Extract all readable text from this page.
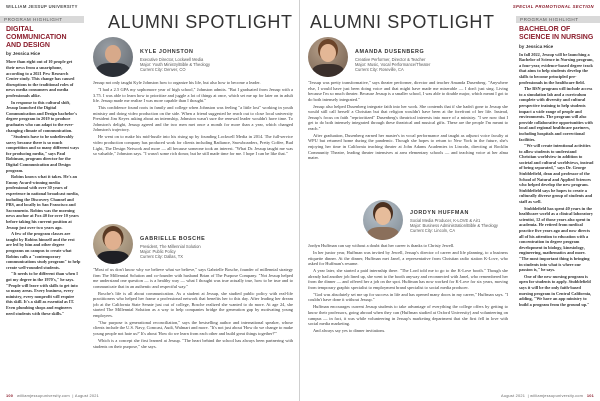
WILLIAM JESSUP UNIVERSITY
PROGRAM HIGHLIGHT
DIGITAL COMMUNICATION AND DESIGN
by Jessica Hice

More than eight out of 10 people get their news from a smartphone, according to a 2021 Pew Research Center study. This change has caused disruptions to the traditional roles of news media consumers and media professionals alike.

In response to this cultural shift, Jessup launched the Digital Communication and Design bachelor's degree program in 2019 to produce graduates who can adapt to the ever-changing climate of communication.

"Students have to be unbelievably savvy because there is so much competition and so many different ways for producing media," says Paul Robinson, program director for the Digital Communication and Design program.

Robins knows what it takes. He's an Emmy Award-winning media professional with over 30 years of experience in national broadcast media, including the Discovery Channel and PBS, and locally in San Francisco and Sacramento. Robins was the morning news anchor at Fox 40 for over 10 years before taking his current position at Jessup just over two years ago.

A few of the program classes are taught by Robins himself and the rest are led by him and other degree programs on campus to create what Robins calls a "contemporary communications study program" to help create well-rounded students.

"It needs to be different than when I got my degree in the 1970's," he says. "People will leave with skills to get into so many areas. Every business, every ministry, every nonprofit will require this skill. It's a skill as essential as IT. Even plumbing shops and engineers need students with these skills."

ALUMNI SPOTLIGHT
KYLE JOHNSTON
Executive Director, Lockwell Media
Major: Youth Ministry/Bible & Theology
Current City: Denver, CO

Jessup not only taught Kyle Johnston how to organize his life, but also how to become a leader.

"I had a 2.5 GPA my sophomore year of high school," Johnston admits. "But I graduated from Jessup with a 3.75. I was able to learn how to prioritize and juggle a lot of things at once, which set me up for later on in adult life. Jessup made me realize I was more capable than I thought."

This confidence found roots in family and college when Johnston was feeling "a little lost" working in youth ministry and doing video production on the side. When a friend suggested he reach out to close local university President Jim Keyes asking about an internship, Johnston wasn't sure the renewal leader wouldn't have time. To Johnston's delight, Jessup agreed and the two men met once a month for more than a year, which changed Johnston's trajectory.

He went on to make his mid-hustle into his rising up by founding Lockwell Media in 2014. The full-service video production company has produced work for clients including Radiance, Snowboarders, Pretty Coffee, Bud Light, The Design Network and more — all because someone took an interest. "What Dr. Jessup taught me was so valuable," Johnston says. "I wasn't some rich donor, but he still made time for me. I hope I can be like that."

GABRIELLE BOSCHE
President, The Millennial Solution
Major: Public Policy
Current City: Dallas, TX

"Most of us don't know why we believe what we believe," says Gabrielle Bosche, founder of millennial strategy firm The Millennial Solution and co-founder with husband Brian of The Purpose Company. "Not Jessup helped me understand one question — is a healthy way — what I thought was true actually true, how to be true and to communicate that in an authentic and respectful way."

Bosche's life is all about communication. As a student at Jessup, she studied public policy with real-life practitioners who helped her frame a professional network that benefits her to this day. After leading her dream job at the California State Senate just out of college, Bosche realized she wanted to do more. At age 24, she started The Millennial Solution as a way to help companies bridge the generation gap by motivating young employees.

"Our purpose is generational reconciliation," says the bestselling author and international speaker, whose clients include the U.S. Navy, Comcast, Audi, Walmart and more. "It's not just about 'How do we change to make young people not hate us?' It's about 'How do we learn from each other and build great things together?'"

Which is a concept she first learned at Jessup. "The heart behind the school has always been partnering with students on their purpose," she says.

100 williamjessupuniversity.com  | August 2021
SPECIAL PROMOTIONAL SECTION
PROGRAM HIGHLIGHT
ALUMNI SPOTLIGHT
AMANDA DUSENBERG
Creative Performer, Director & Teacher
Major: Music, Vocal Performance/Theater
Current City: Roseville, CA

"Jessup was pretty transformative," says theater performer, director and teacher Amanda Dusenberg. "Anywhere else, I would have just been doing voice and that might have made me miserable — I don't just sing. Living because I'm so much theater. Because Jessup is a smaller school, I was able to double major, which meant I got to do both intensely integrated."

Jessup also helped Dusenberg integrate faith into her work. She contends that if she hadn't gone to Jessup she would still call herself a Christian but that religion wouldn't have been at the forefront of her life. Instead, Jessup's focus on faith "reprioritized" Dusenberg's theatrical interests into more of a ministry. "I see now that I get to do both intensely integrated through these theatrical and musical gifts. These are the people I'm meant to reach."

After graduation, Dusenberg earned her master's in vocal performance and taught as adjunct voice faculty at WPU but returned home during the pandemic. Though she hopes to return to New York in the future, she's enjoying her time in California teaching theater at John Adams Academies in Lincoln, directing at Rocklin Community Theatre, leading theater intensives at area elementary schools — and teaching voice at her alma mater.

JORDYN HUFFMAN
Social Media Producer, K-LOVE & Air1
Major: Business Administration/Bible & Theology
Current City: Lincoln, CA

Jordyn Huffman can say without a doubt that her career is thanks to Christy Jewell.

In her junior year, Huffman was invited by Jewell, Jessup's director of career and life planning, to a business etiquette dinner. At the dinner, Huffman met Janel, a representative from Christian radio station K-Love, who asked for Huffman's resume.

A year later, she started a paid internship there. "The Lord told me to go to the K-Love booth." Though she already had another job lined up, she went to the booth anyway and reconnected with Janel, who remembered her from the dinner — and offered her a job on the spot. Huffman has now worked for K-Love for six years, moving from temporary graphic specialist to employment brand specialist to social media producer.

"God was absolutely set me up for success in life and has opened many doors in my career," Huffman says. "I couldn't have done it without Jessup."

Huffman encourages current Jessup students to take advantage of everything the college offers by getting to know their professors, going abroad when they can (Huffman studied at Oxford University) and volunteering on campus — in fact, it was while volunteering in Jessup's marketing department that she first fell in love with social media marketing.

And always say yes to dinner invitations.

BACHELOR OF SCIENCE IN NURSING
by Jessica Hice

In fall 2022, Jessup will be launching a Bachelor of Science in Nursing program, a four-year, evidence-based degree track that aims to help students develop the skills to become principled pre-professionals in the healthcare field.

The BSN program will include access to a simulation lab and a curriculum complete with diversity and cultural perspective training to help students impact a wide range of people and environments. The program will also provide collaborative opportunities with local and regional healthcare partners, including hospitals and correctional facilities.

"We will create intentional activities to allow students to understand Christian worldview in addition to societal and cultural worldviews, instead of being separated," says Dr. George Stubblefield, dean and professor of the School of Natural and Applied Sciences who helped develop the new program. Stubblefield says he hopes to create a culturally diverse group of students and staff as well.

Stubblefield has spent 40 years in the healthcare world as a clinical laboratory scientist, 12 of those years also spent in academia. He retired from medical practice five years ago and now directs all of his attention to education with a concentration in degree program development in biology, kinesiology, engineering, mathematics and more. "The most important thing is bringing in students into what is where our passion is," he says.

One of the new nursing program is open for students to apply. Stubblefield says it will be the only faith-based nursing program in Central California, adding, "We have an app ministry to build a program from the ground up."

August 2021  | williamjessupuniversity.com 101
